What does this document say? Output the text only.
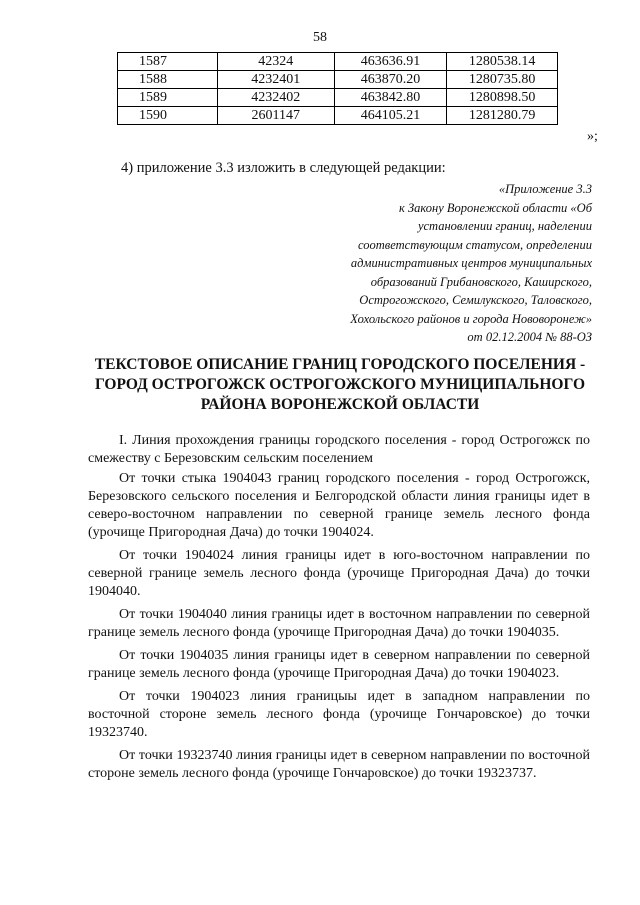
58
1587	42324	463636.91	1280538.14
1588	4232401	463870.20	1280735.80
1589	4232402	463842.80	1280898.50
1590	2601147	464105.21	1281280.79
»;
4) приложение 3.3 изложить в следующей редакции:
«Приложение 3.3
к Закону Воронежской области «Об
установлении границ, наделении
соответствующим статусом, определении
административных центров муниципальных
образований Грибановского, Каширского,
Острогожского, Семилукского, Таловского,
Хохольского районов и города Нововоронеж»
от 02.12.2004 № 88-ОЗ
ТЕКСТОВОЕ ОПИСАНИЕ ГРАНИЦ ГОРОДСКОГО ПОСЕЛЕНИЯ -
ГОРОД ОСТРОГОЖСК ОСТРОГОЖСКОГО МУНИЦИПАЛЬНОГО
РАЙОНА ВОРОНЕЖСКОЙ ОБЛАСТИ

I. Линия прохождения границы городского поселения - город Острогожск по смежеству с Березовским сельским поселением

От точки стыка 1904043 границ городского поселения - город Острогожск, Березовского сельского поселения и Белгородской области линия границы идет в северо-восточном направлении по северной границе земель лесного фонда (урочище Пригородная Дача) до точки 1904024.

От точки 1904024 линия границы идет в юго-восточном направлении по северной границе земель лесного фонда (урочище Пригородная Дача) до точки 1904040.

От точки 1904040 линия границы идет в восточном направлении по северной границе земель лесного фонда (урочище Пригородная Дача) до точки 1904035.

От точки 1904035 линия границы идет в северном направлении по северной границе земель лесного фонда (урочище Пригородная Дача) до точки 1904023.

От точки 1904023 линия границыы идет в западном направлении по восточной стороне земель лесного фонда (урочище Гончаровское) до точки 19323740.

От точки 19323740 линия границы идет в северном направлении по восточной стороне земель лесного фонда (урочище Гончаровское) до точки 19323737.
